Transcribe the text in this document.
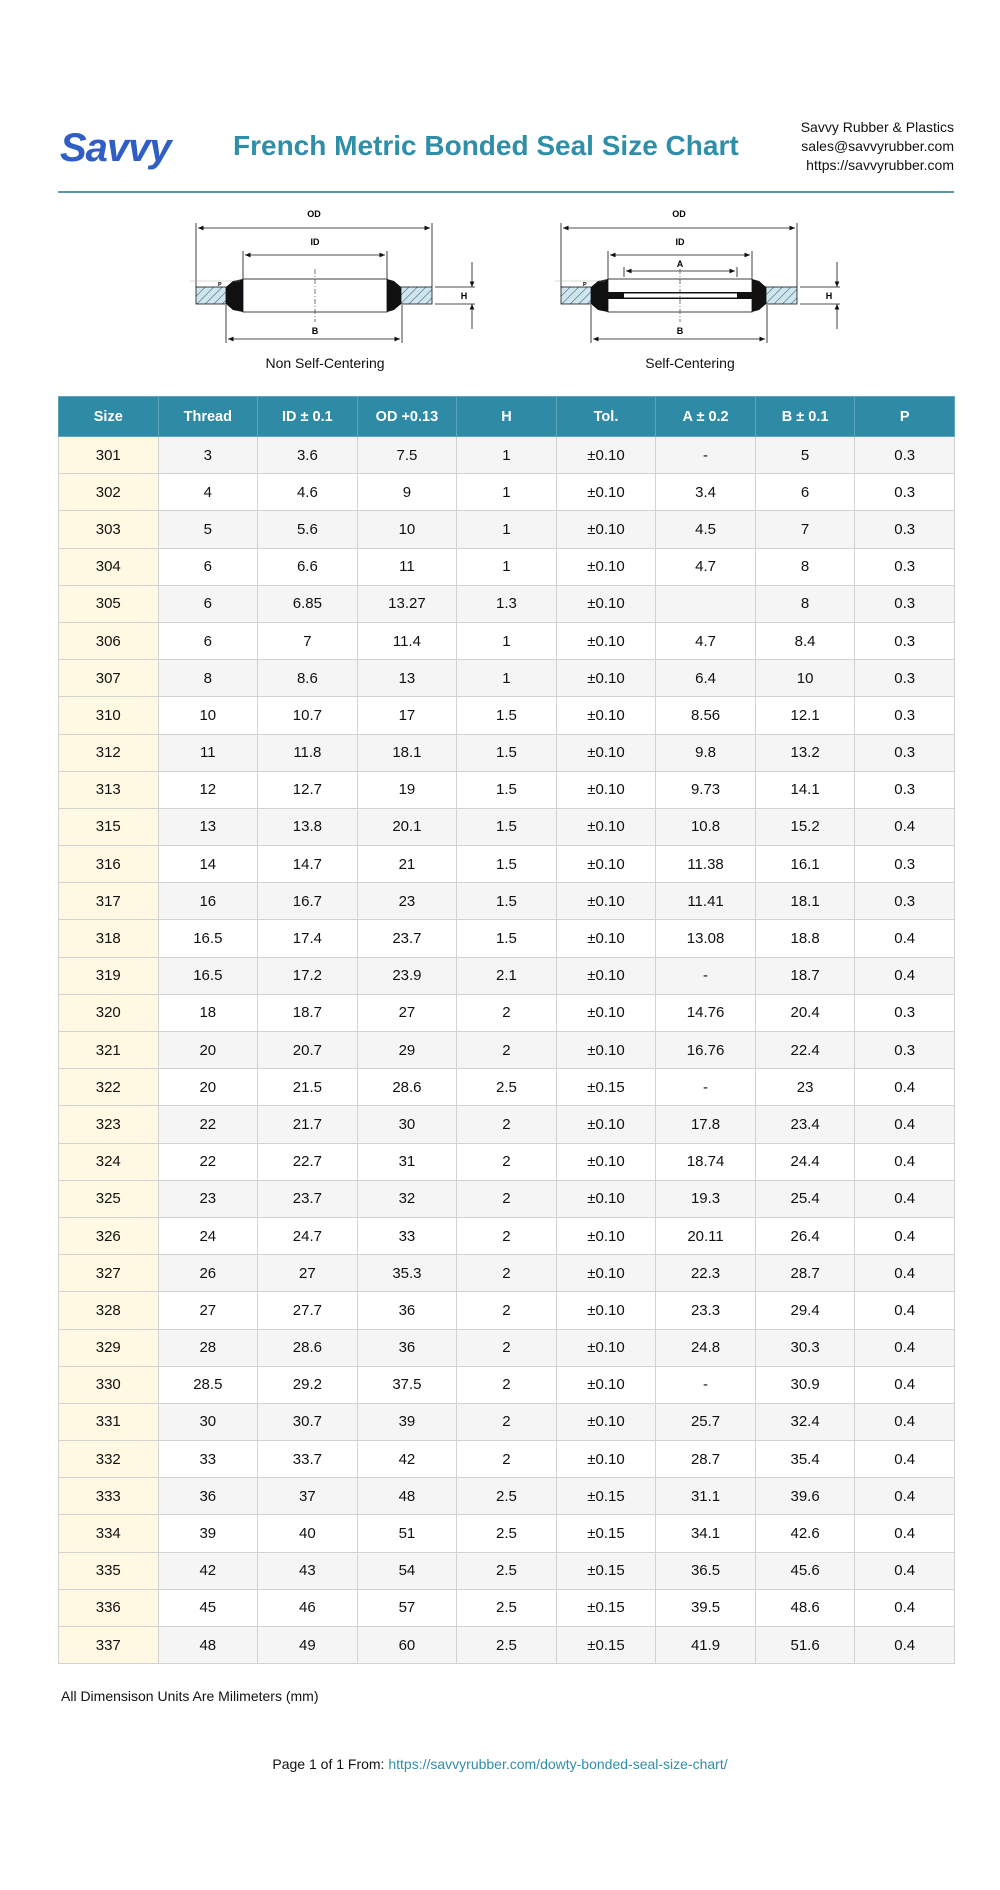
Savvy French Metric Bonded Seal Size Chart
Savvy Rubber & Plastics
sales@savvyrubber.com
https://savvyrubber.com
OD
ID
P
H
B
Non Self-Centering
OD
ID
A
P
H
B
Self-Centering
Size	Thread	ID ± 0.1	OD +0.13	H	Tol.	A ± 0.2	B ± 0.1	P
301	3	3.6	7.5	1	±0.10	-	5	0.3
302	4	4.6	9	1	±0.10	3.4	6	0.3
303	5	5.6	10	1	±0.10	4.5	7	0.3
304	6	6.6	11	1	±0.10	4.7	8	0.3
305	6	6.85	13.27	1.3	±0.10		8	0.3
306	6	7	11.4	1	±0.10	4.7	8.4	0.3
307	8	8.6	13	1	±0.10	6.4	10	0.3
310	10	10.7	17	1.5	±0.10	8.56	12.1	0.3
312	11	11.8	18.1	1.5	±0.10	9.8	13.2	0.3
313	12	12.7	19	1.5	±0.10	9.73	14.1	0.3
315	13	13.8	20.1	1.5	±0.10	10.8	15.2	0.4
316	14	14.7	21	1.5	±0.10	11.38	16.1	0.3
317	16	16.7	23	1.5	±0.10	11.41	18.1	0.3
318	16.5	17.4	23.7	1.5	±0.10	13.08	18.8	0.4
319	16.5	17.2	23.9	2.1	±0.10	-	18.7	0.4
320	18	18.7	27	2	±0.10	14.76	20.4	0.3
321	20	20.7	29	2	±0.10	16.76	22.4	0.3
322	20	21.5	28.6	2.5	±0.15	-	23	0.4
323	22	21.7	30	2	±0.10	17.8	23.4	0.4
324	22	22.7	31	2	±0.10	18.74	24.4	0.4
325	23	23.7	32	2	±0.10	19.3	25.4	0.4
326	24	24.7	33	2	±0.10	20.11	26.4	0.4
327	26	27	35.3	2	±0.10	22.3	28.7	0.4
328	27	27.7	36	2	±0.10	23.3	29.4	0.4
329	28	28.6	36	2	±0.10	24.8	30.3	0.4
330	28.5	29.2	37.5	2	±0.10	-	30.9	0.4
331	30	30.7	39	2	±0.10	25.7	32.4	0.4
332	33	33.7	42	2	±0.10	28.7	35.4	0.4
333	36	37	48	2.5	±0.15	31.1	39.6	0.4
334	39	40	51	2.5	±0.15	34.1	42.6	0.4
335	42	43	54	2.5	±0.15	36.5	45.6	0.4
336	45	46	57	2.5	±0.15	39.5	48.6	0.4
337	48	49	60	2.5	±0.15	41.9	51.6	0.4
All Dimensison Units Are Milimeters (mm)
Page 1 of 1 From: https://savvyrubber.com/dowty-bonded-seal-size-chart/
